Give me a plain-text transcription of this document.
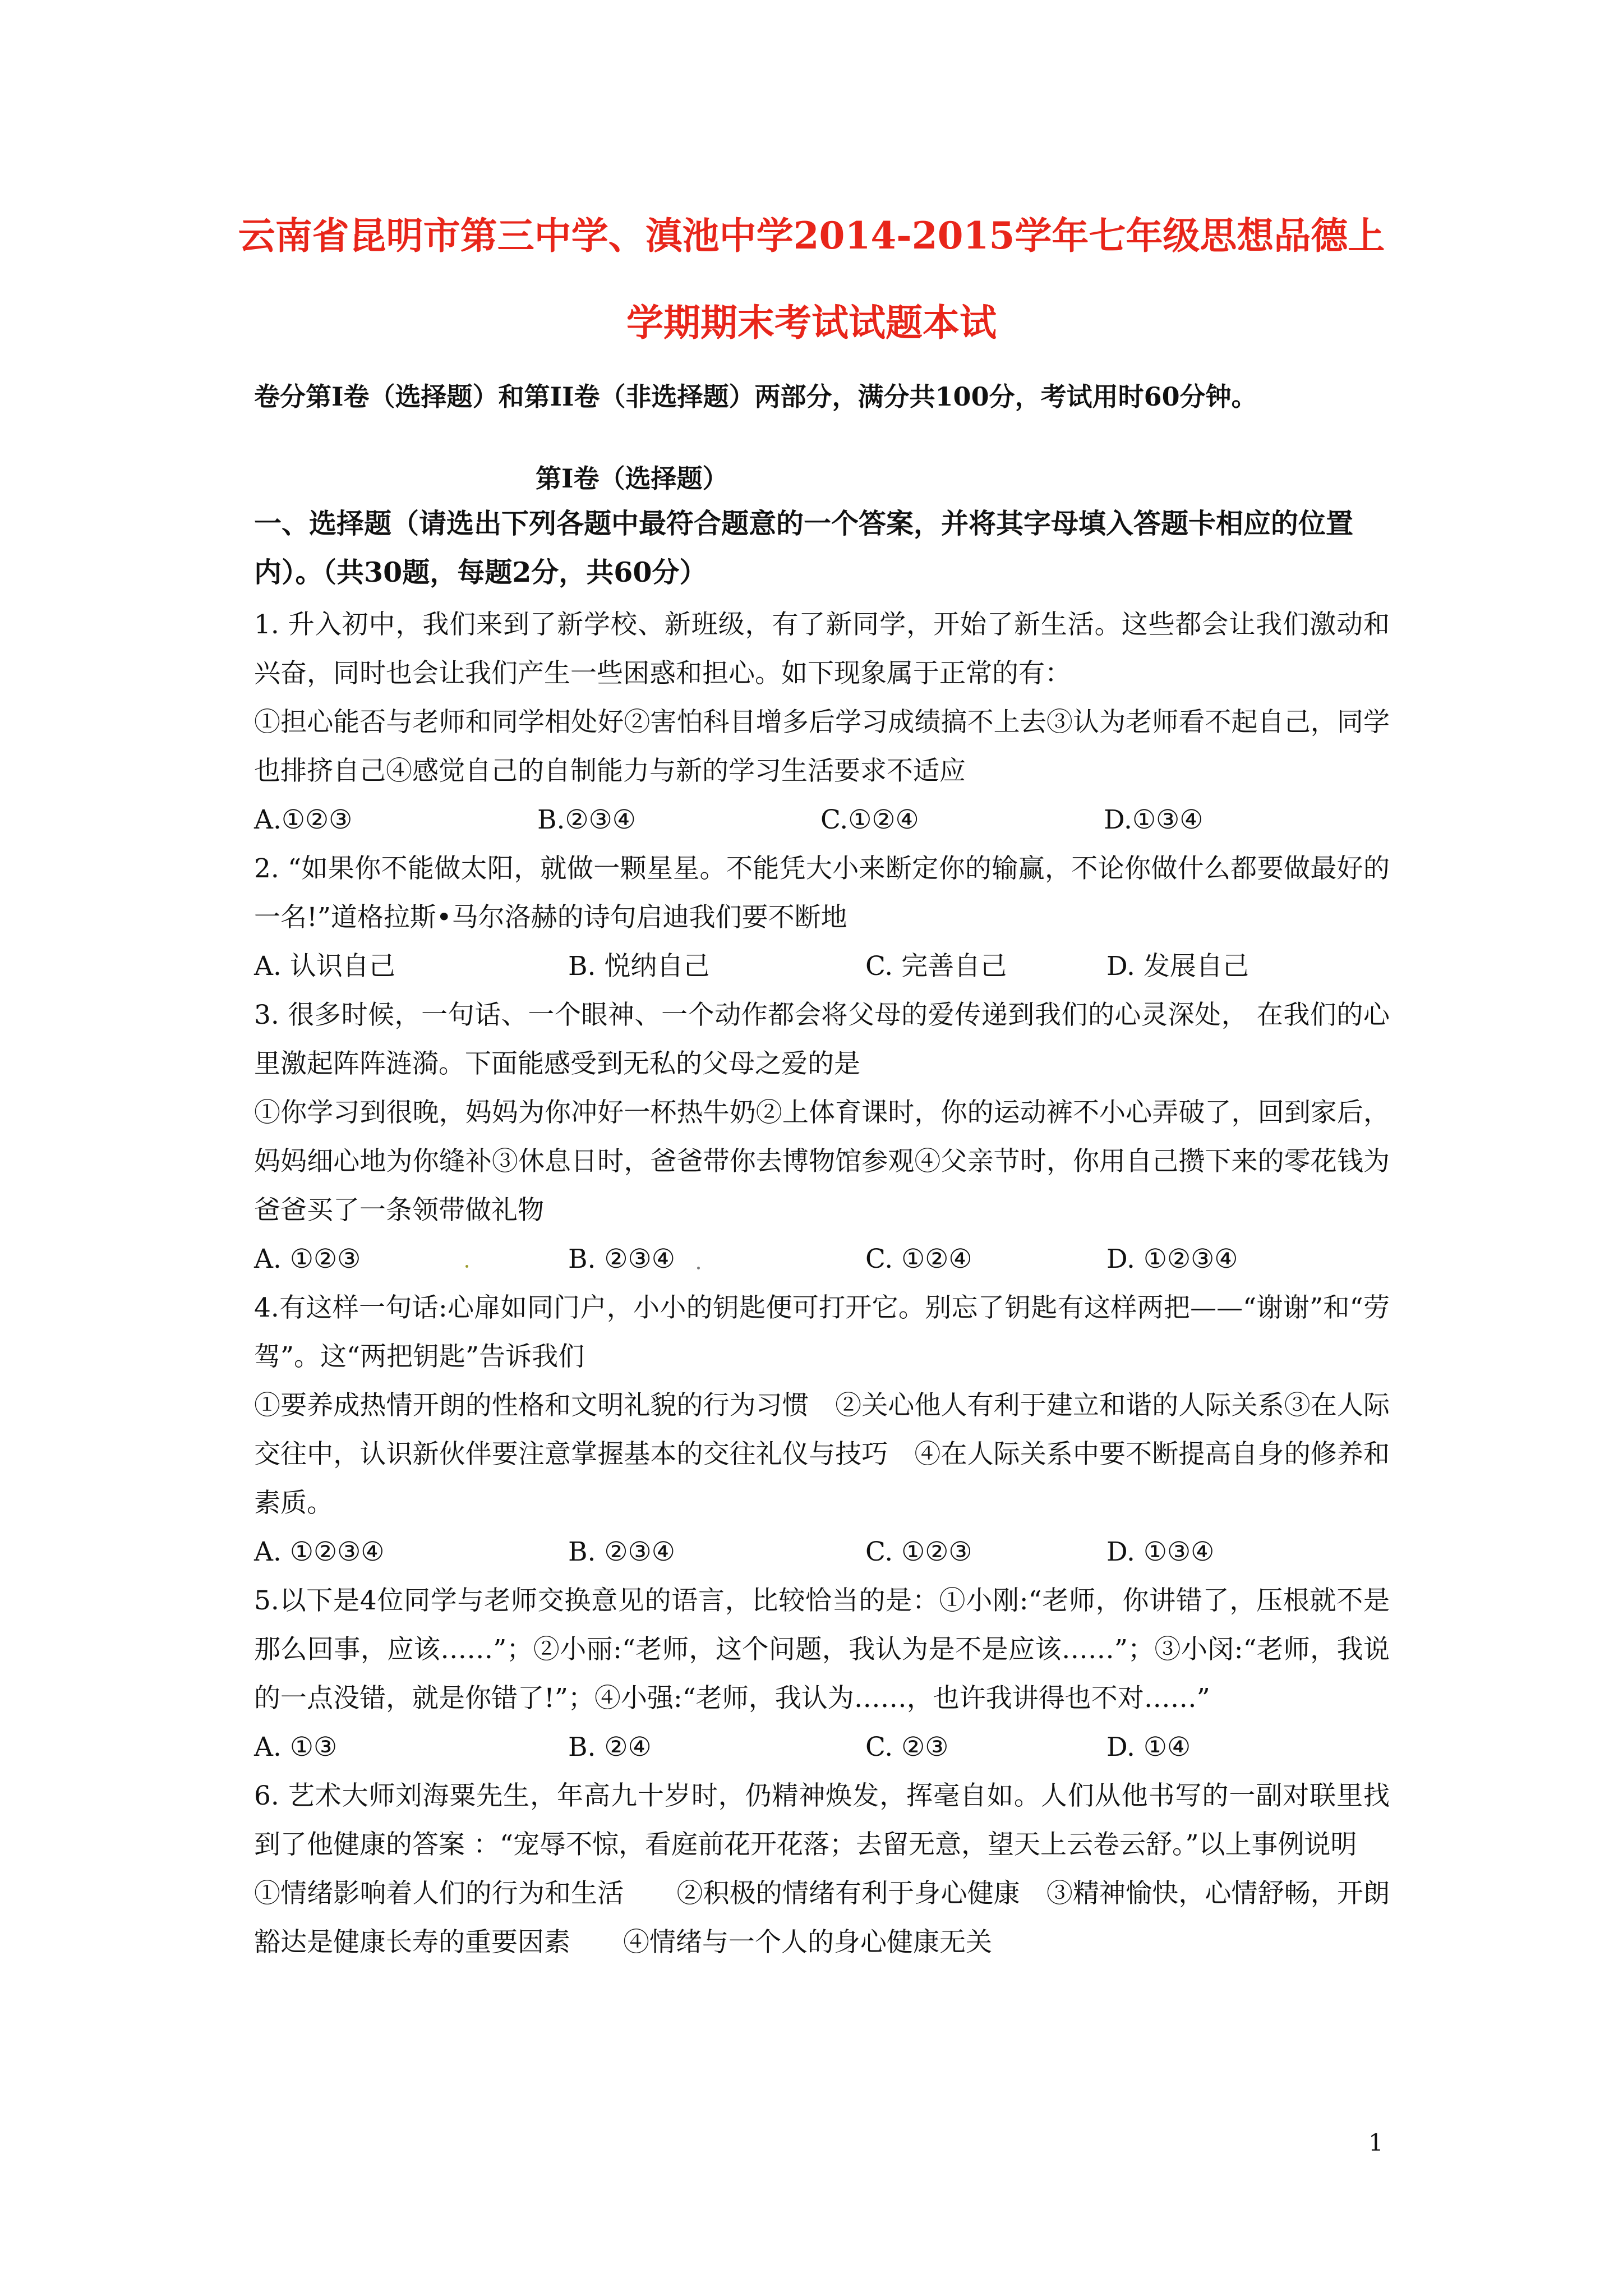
云南省昆明市第三中学、滇池中学2014-2015学年七年级思想品德上
学期期末考试试题本试
卷分第Ⅰ卷（选择题）和第II卷（非选择题）两部分，满分共100分，考试用时60分钟。
第Ⅰ卷（选择题）
一、选择题（请选出下列各题中最符合题意的一个答案，并将其字母填入答题卡相应的位置内）。（共30题，每题2分，共60分）

1. 升入初中，我们来到了新学校、新班级，有了新同学，开始了新生活。这些都会让我们激动和兴奋，同时也会让我们产生一些困惑和担心。如下现象属于正常的有：

①担心能否与老师和同学相处好②害怕科目增多后学习成绩搞不上去③认为老师看不起自己，同学也排挤自己④感觉自己的自制能力与新的学习生活要求不适应

A.①②③	B.②③④	C.①②④	D.①③④

2. “如果你不能做太阳，就做一颗星星。不能凭大小来断定你的输赢，不论你做什么都要做最好的一名!”道格拉斯•马尔洛赫的诗句启迪我们要不断地

A. 认识自己	B. 悦纳自己	C. 完善自己	D. 发展自己

3. 很多时候，一句话、一个眼神、一个动作都会将父母的爱传递到我们的心灵深处， 在我们的心里激起阵阵涟漪。下面能感受到无私的父母之爱的是

①你学习到很晚，妈妈为你冲好一杯热牛奶②上体育课时，你的运动裤不小心弄破了，回到家后，妈妈细心地为你缝补③休息日时，爸爸带你去博物馆参观④父亲节时，你用自己攒下来的零花钱为爸爸买了一条领带做礼物

A. ①②③	B. ②③④	C. ①②④	D. ①②③④

4.有这样一句话:心扉如同门户，小小的钥匙便可打开它。别忘了钥匙有这样两把——“谢谢”和“劳驾”。这“两把钥匙”告诉我们

①要养成热情开朗的性格和文明礼貌的行为习惯　②关心他人有利于建立和谐的人际关系③在人际交往中，认识新伙伴要注意掌握基本的交往礼仪与技巧　④在人际关系中要不断提高自身的修养和素质。

A. ①②③④	B. ②③④	C. ①②③	D. ①③④

5.以下是4位同学与老师交换意见的语言，比较恰当的是：①小刚:“老师，你讲错了，压根就不是那么回事，应该……”；②小丽:“老师，这个问题，我认为是不是应该……”；③小闵:“老师，我说的一点没错，就是你错了!”；④小强:“老师，我认为……，也许我讲得也不对……”

A. ①③	B. ②④	C. ②③	D. ①④

6. 艺术大师刘海粟先生，年高九十岁时，仍精神焕发，挥毫自如。人们从他书写的一副对联里找到了他健康的答案 ：“宠辱不惊，看庭前花开花落；去留无意，望天上云卷云舒。”以上事例说明

①情绪影响着人们的行为和生活　　②积极的情绪有利于身心健康　③精神愉快，心情舒畅，开朗豁达是健康长寿的重要因素　　④情绪与一个人的身心健康无关

1
